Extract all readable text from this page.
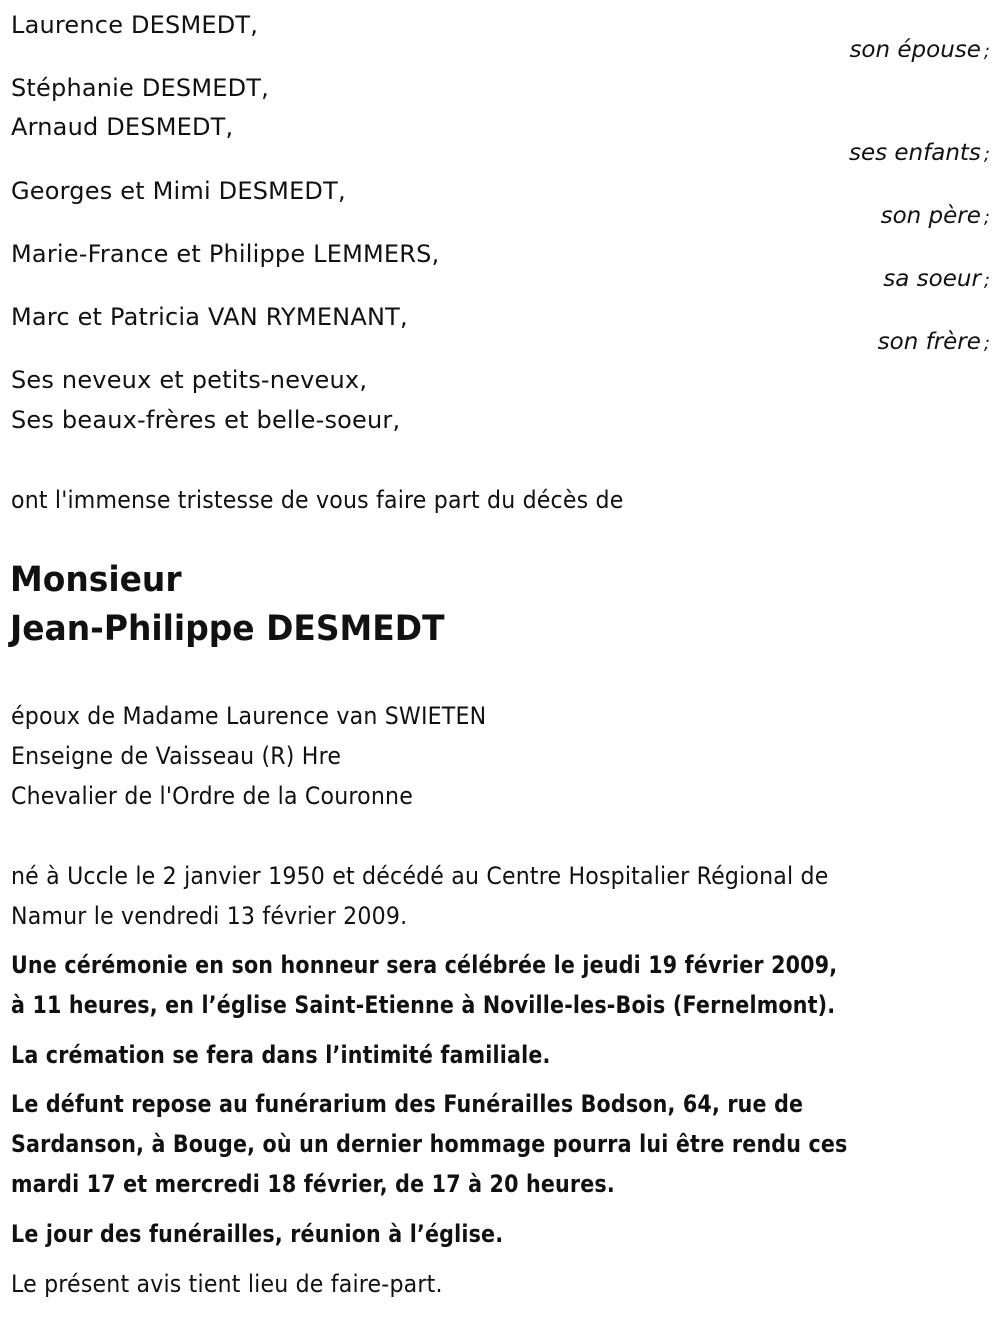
Laurence DESMEDT,
son épouse ;
Stéphanie DESMEDT,
Arnaud DESMEDT,
ses enfants ;
Georges et Mimi DESMEDT,
son père ;
Marie-France et Philippe LEMMERS,
sa soeur ;
Marc et Patricia VAN RYMENANT,
son frère ;
Ses neveux et petits-neveux,
Ses beaux-frères et belle-soeur,
ont l'immense tristesse de vous faire part du décès de
Monsieur
Jean-Philippe DESMEDT
époux de Madame Laurence van SWIETEN
Enseigne de Vaisseau (R) Hre
Chevalier de l'Ordre de la Couronne
né à Uccle le 2 janvier 1950 et décédé au Centre Hospitalier Régional de
Namur le vendredi 13 février 2009.
Une cérémonie en son honneur sera célébrée le jeudi 19 février 2009,
à 11 heures, en l’église Saint-Etienne à Noville-les-Bois (Fernelmont).
La crémation se fera dans l’intimité familiale.
Le défunt repose au funérarium des Funérailles Bodson, 64, rue de
Sardanson, à Bouge, où un dernier hommage pourra lui être rendu ces
mardi 17 et mercredi 18 février, de 17 à 20 heures.
Le jour des funérailles, réunion à l’église.
Le présent avis tient lieu de faire-part.
